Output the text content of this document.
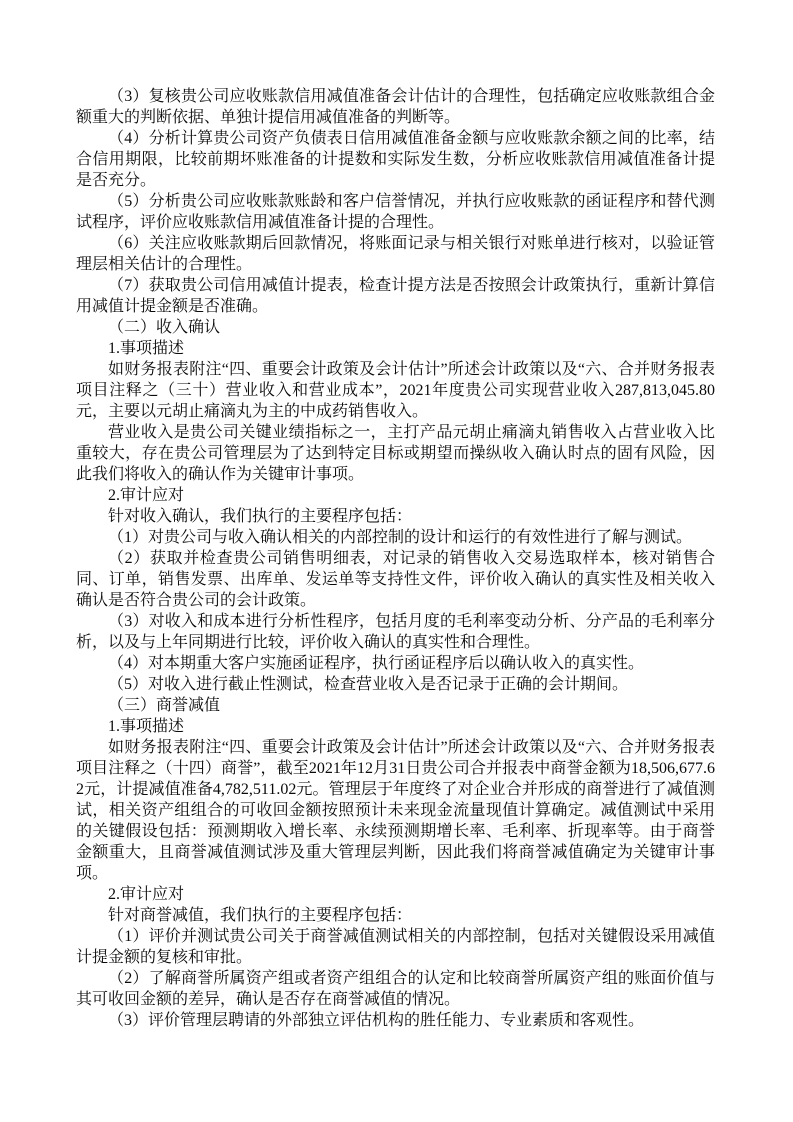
（3）复核贵公司应收账款信用减值准备会计估计的合理性，包括确定应收账款组合金额重大的判断依据、单独计提信用减值准备的判断等。

（4）分析计算贵公司资产负债表日信用减值准备金额与应收账款余额之间的比率，结合信用期限，比较前期坏账准备的计提数和实际发生数，分析应收账款信用减值准备计提是否充分。

（5）分析贵公司应收账款账龄和客户信誉情况，并执行应收账款的函证程序和替代测试程序，评价应收账款信用减值准备计提的合理性。

（6）关注应收账款期后回款情况，将账面记录与相关银行对账单进行核对，以验证管理层相关估计的合理性。

（7）获取贵公司信用减值计提表，检查计提方法是否按照会计政策执行，重新计算信用减值计提金额是否准确。

（二）收入确认

1.事项描述

如财务报表附注“四、重要会计政策及会计估计”所述会计政策以及“六、合并财务报表项目注释之（三十）营业收入和营业成本”，2021年度贵公司实现营业收入287,813,045.80元，主要以元胡止痛滴丸为主的中成药销售收入。

营业收入是贵公司关键业绩指标之一，主打产品元胡止痛滴丸销售收入占营业收入比重较大，存在贵公司管理层为了达到特定目标或期望而操纵收入确认时点的固有风险，因此我们将收入的确认作为关键审计事项。

2.审计应对

针对收入确认，我们执行的主要程序包括：

（1）对贵公司与收入确认相关的内部控制的设计和运行的有效性进行了解与测试。

（2）获取并检查贵公司销售明细表，对记录的销售收入交易选取样本，核对销售合同、订单，销售发票、出库单、发运单等支持性文件，评价收入确认的真实性及相关收入确认是否符合贵公司的会计政策。

（3）对收入和成本进行分析性程序，包括月度的毛利率变动分析、分产品的毛利率分析，以及与上年同期进行比较，评价收入确认的真实性和合理性。

（4）对本期重大客户实施函证程序，执行函证程序后以确认收入的真实性。

（5）对收入进行截止性测试，检查营业收入是否记录于正确的会计期间。

（三）商誉减值

1.事项描述

如财务报表附注“四、重要会计政策及会计估计”所述会计政策以及“六、合并财务报表项目注释之（十四）商誉”，截至2021年12月31日贵公司合并报表中商誉金额为18,506,677.62元，计提减值准备4,782,511.02元。管理层于年度终了对企业合并形成的商誉进行了减值测试，相关资产组组合的可收回金额按照预计未来现金流量现值计算确定。减值测试中采用的关键假设包括：预测期收入增长率、永续预测期增长率、毛利率、折现率等。由于商誉金额重大，且商誉减值测试涉及重大管理层判断，因此我们将商誉减值确定为关键审计事项。

2.审计应对

针对商誉减值，我们执行的主要程序包括：

（1）评价并测试贵公司关于商誉减值测试相关的内部控制，包括对关键假设采用减值计提金额的复核和审批。

（2）了解商誉所属资产组或者资产组组合的认定和比较商誉所属资产组的账面价值与其可收回金额的差异，确认是否存在商誉减值的情况。

（3）评价管理层聘请的外部独立评估机构的胜任能力、专业素质和客观性。
